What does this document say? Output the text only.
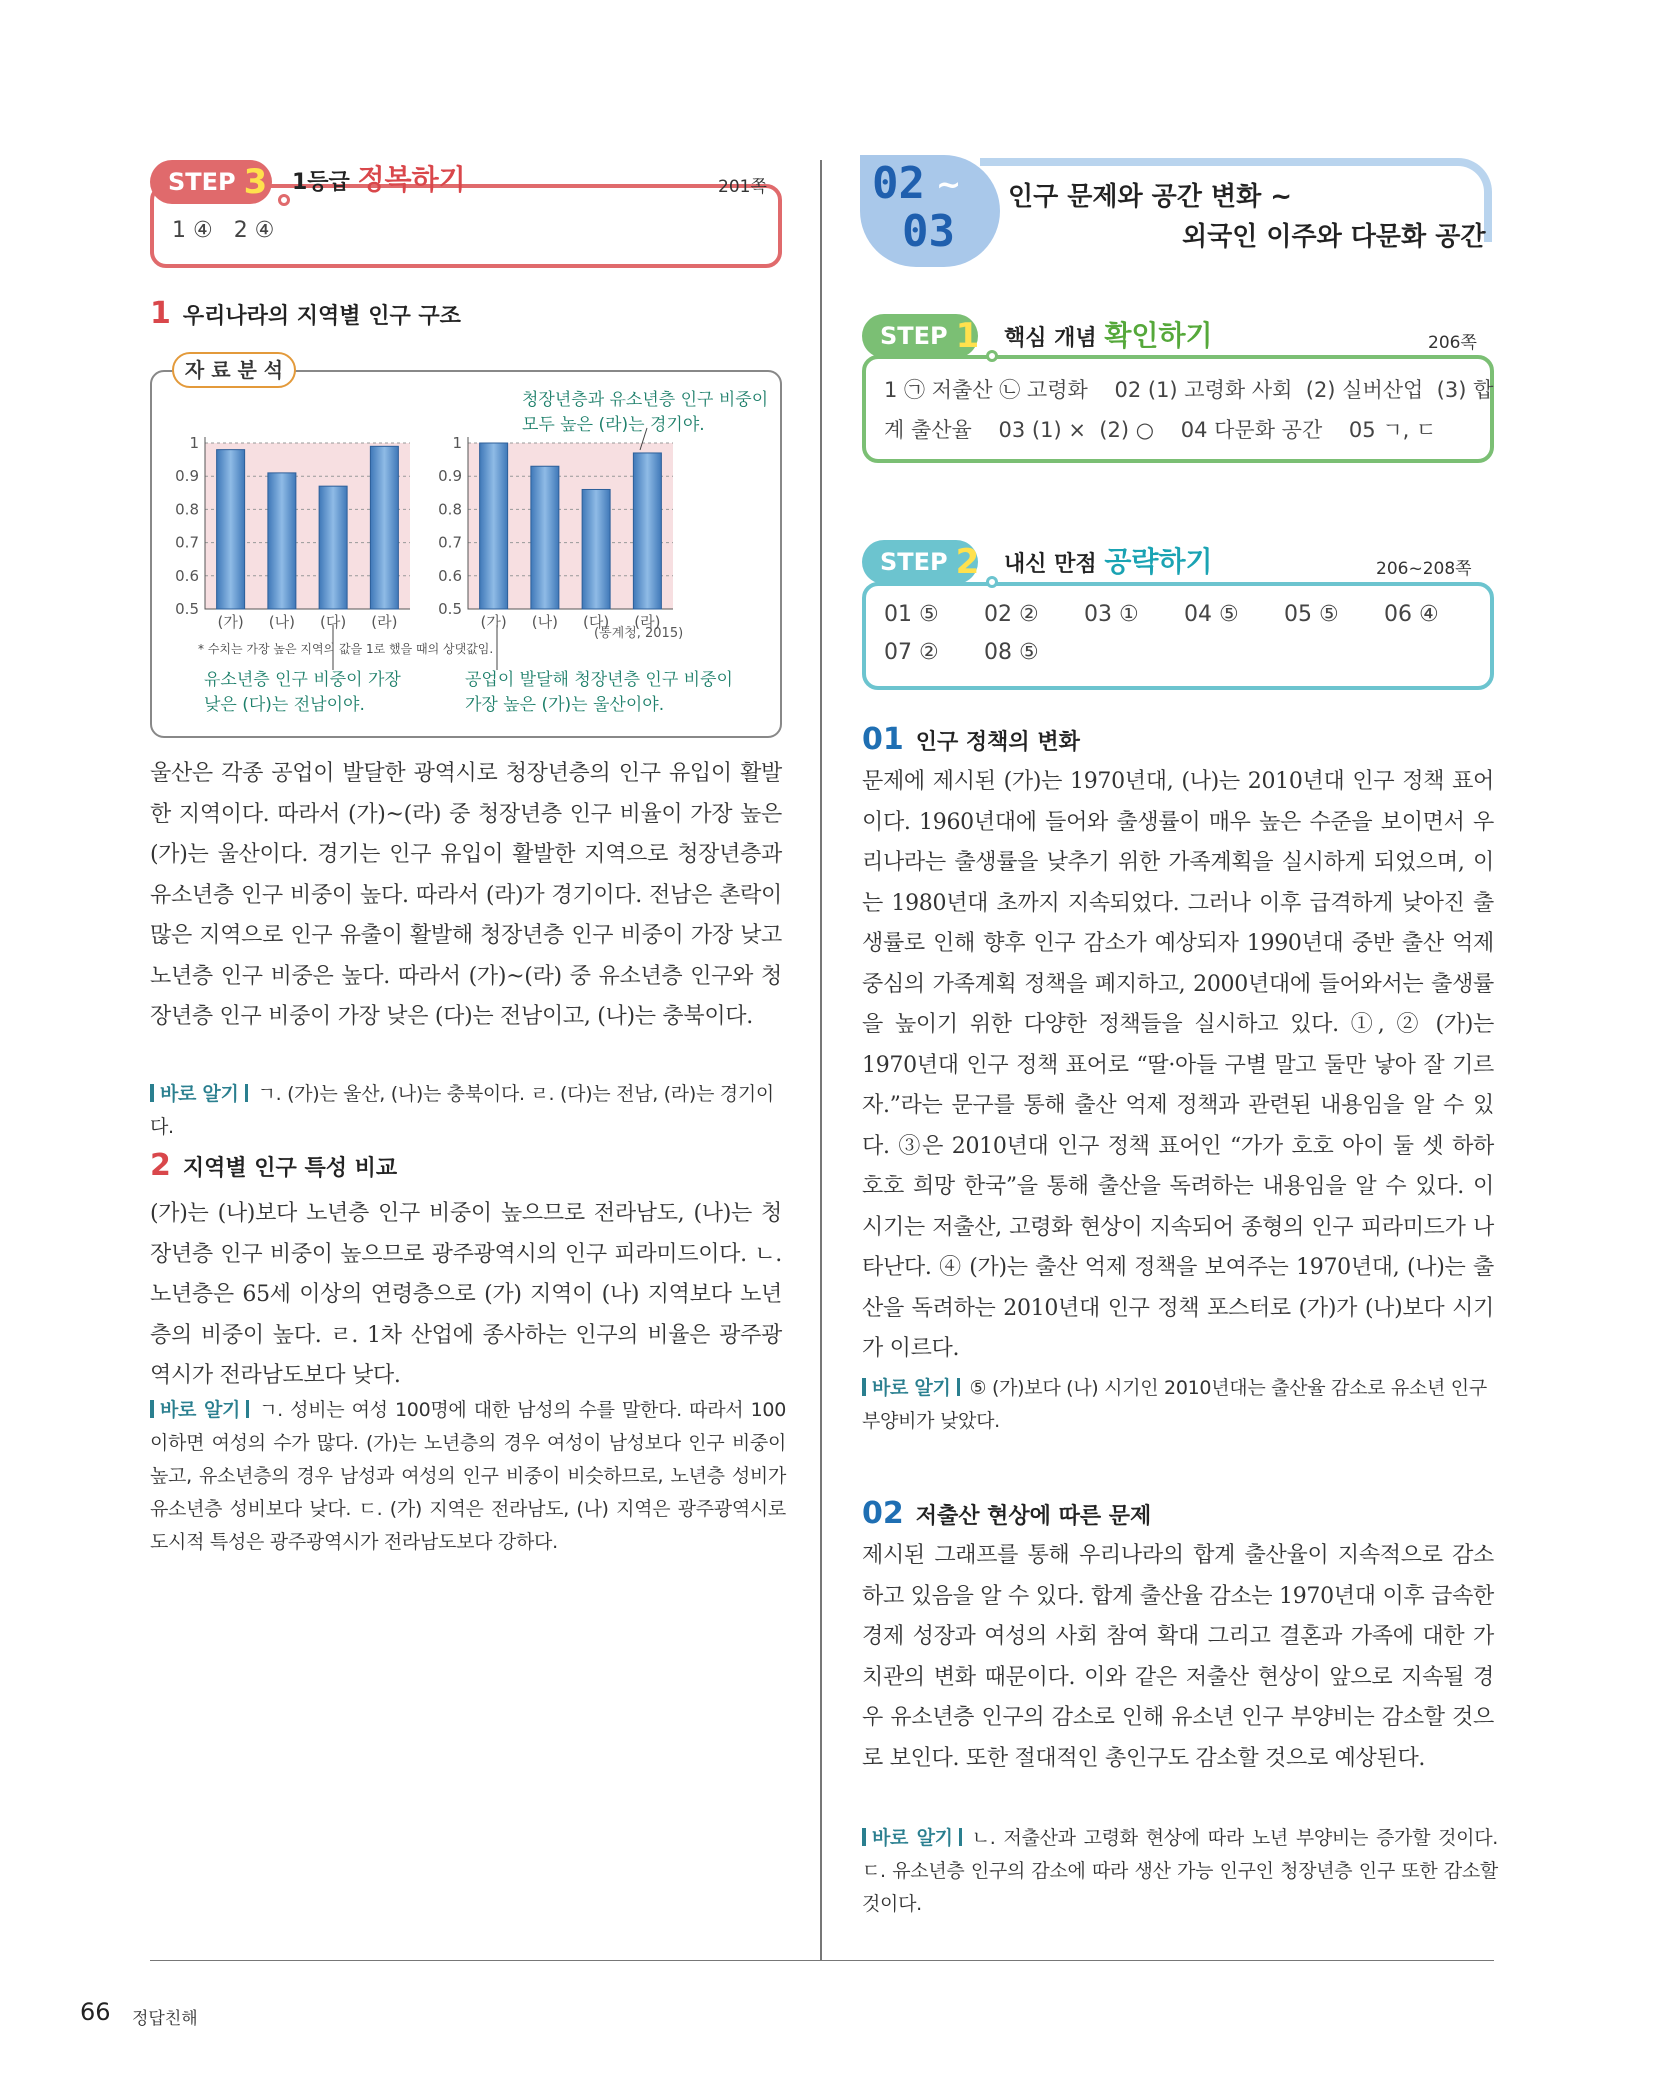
STEP 3 1등급 정복하기	201쪽
1 ④   2 ④
1 우리나라의 지역별 인구 구조
자 료 분 석
0.5
0.6
0.7
0.8
0.9
1
(가) (나) (다) (라)
0.5
0.6
0.7
0.8
0.9
1
(가) (나) (다) (라)
청장년층과 유소년층 인구 비중이
모두 높은 (라)는 경기야.
(통계청, 2015)
* 수치는 가장 높은 지역의 값을 1로 했을 때의 상댓값임.
유소년층 인구 비중이 가장
낮은 (다)는 전남이야.
공업이 발달해 청장년층 인구 비중이
가장 높은 (가)는 울산이야.
울산은 각종 공업이 발달한 광역시로 청장년층의 인구 유입이 활발한 지역이다. 따라서 (가)~(라) 중 청장년층 인구 비율이 가장 높은 (가)는 울산이다. 경기는 인구 유입이 활발한 지역으로 청장년층과 유소년층 인구 비중이 높다. 따라서 (라)가 경기이다. 전남은 촌락이 많은 지역으로 인구 유출이 활발해 청장년층 인구 비중이 가장 낮고 노년층 인구 비중은 높다. 따라서 (가)~(라) 중 유소년층 인구와 청장년층 인구 비중이 가장 낮은 (다)는 전남이고, (나)는 충북이다.
바로 알기 ㄱ. (가)는 울산, (나)는 충북이다. ㄹ. (다)는 전남, (라)는 경기이다.
2 지역별 인구 특성 비교
(가)는 (나)보다 노년층 인구 비중이 높으므로 전라남도, (나)는 청장년층 인구 비중이 높으므로 광주광역시의 인구 피라미드이다. ㄴ. 노년층은 65세 이상의 연령층으로 (가) 지역이 (나) 지역보다 노년층의 비중이 높다. ㄹ. 1차 산업에 종사하는 인구의 비율은 광주광역시가 전라남도보다 낮다.
바로 알기 ㄱ. 성비는 여성 100명에 대한 남성의 수를 말한다. 따라서 100 이하면 여성의 수가 많다. (가)는 노년층의 경우 여성이 남성보다 인구 비중이 높고, 유소년층의 경우 남성과 여성의 인구 비중이 비슷하므로, 노년층 성비가 유소년층 성비보다 낮다. ㄷ. (가) 지역은 전라남도, (나) 지역은 광주광역시로 도시적 특성은 광주광역시가 전라남도보다 강하다.
02 ~
03
인구 문제와 공간 변화 ~
외국인 이주와 다문화 공간
STEP 1 핵심 개념 확인하기	206쪽
1 ㉠ 저출산 ㉡ 고령화    02 (1) 고령화 사회  (2) 실버산업  (3) 합
계 출산율    03 (1) ×  (2) ○    04 다문화 공간    05 ㄱ, ㄷ
STEP 2 내신 만점 공략하기	206~208쪽
01 ⑤ 02 ② 03 ① 04 ⑤ 05 ⑤ 06 ④
07 ② 08 ⑤
01 인구 정책의 변화
문제에 제시된 (가)는 1970년대, (나)는 2010년대 인구 정책 표어이다. 1960년대에 들어와 출생률이 매우 높은 수준을 보이면서 우리나라는 출생률을 낮추기 위한 가족계획을 실시하게 되었으며, 이는 1980년대 초까지 지속되었다. 그러나 이후 급격하게 낮아진 출생률로 인해 향후 인구 감소가 예상되자 1990년대 중반 출산 억제 중심의 가족계획 정책을 폐지하고, 2000년대에 들어와서는 출생률을 높이기 위한 다양한 정책들을 실시하고 있다. ①, ② (가)는 1970년대 인구 정책 표어로 “딸·아들 구별 말고 둘만 낳아 잘 기르자.”라는 문구를 통해 출산 억제 정책과 관련된 내용임을 알 수 있다. ③은 2010년대 인구 정책 표어인 “가가 호호 아이 둘 셋 하하 호호 희망 한국”을 통해 출산을 독려하는 내용임을 알 수 있다. 이 시기는 저출산, 고령화 현상이 지속되어 종형의 인구 피라미드가 나타난다. ④ (가)는 출산 억제 정책을 보여주는 1970년대, (나)는 출산을 독려하는 2010년대 인구 정책 포스터로 (가)가 (나)보다 시기가 이르다.
바로 알기 ⑤ (가)보다 (나) 시기인 2010년대는 출산율 감소로 유소년 인구 부양비가 낮았다.
02 저출산 현상에 따른 문제
제시된 그래프를 통해 우리나라의 합계 출산율이 지속적으로 감소하고 있음을 알 수 있다. 합계 출산율 감소는 1970년대 이후 급속한 경제 성장과 여성의 사회 참여 확대 그리고 결혼과 가족에 대한 가치관의 변화 때문이다. 이와 같은 저출산 현상이 앞으로 지속될 경우 유소년층 인구의 감소로 인해 유소년 인구 부양비는 감소할 것으로 보인다. 또한 절대적인 총인구도 감소할 것으로 예상된다.
바로 알기 ㄴ. 저출산과 고령화 현상에 따라 노년 부양비는 증가할 것이다. ㄷ. 유소년층 인구의 감소에 따라 생산 가능 인구인 청장년층 인구 또한 감소할 것이다.
66 정답친해
